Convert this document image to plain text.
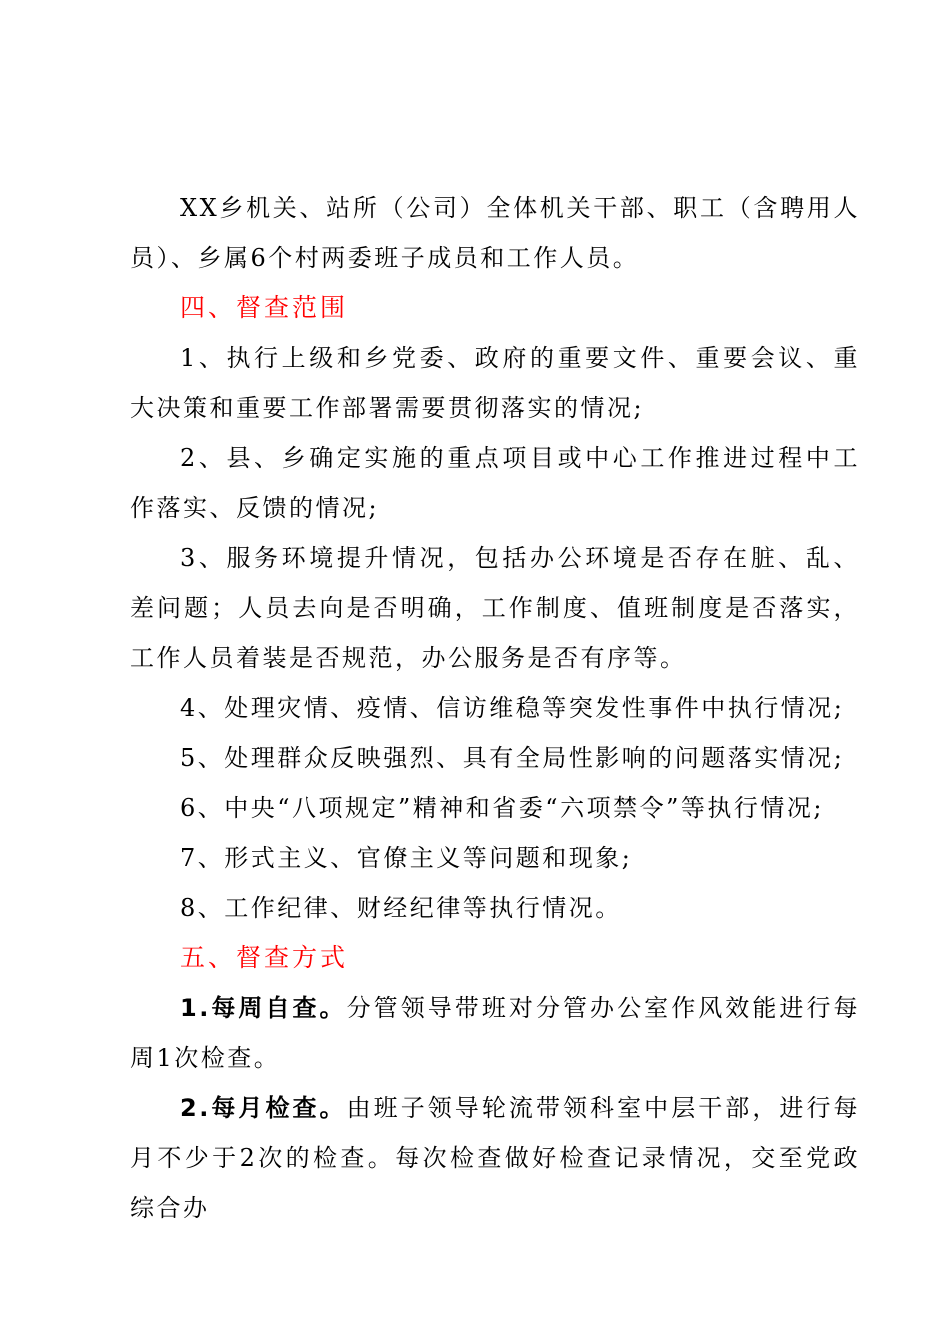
XX乡机关、站所（公司）全体机关干部、职工（含聘用人员）、乡属6个村两委班子成员和工作人员。

四、督查范围

1、执行上级和乡党委、政府的重要文件、重要会议、重大决策和重要工作部署需要贯彻落实的情况;

2、县、乡确定实施的重点项目或中心工作推进过程中工作落实、反馈的情况;

3、服务环境提升情况，包括办公环境是否存在脏、乱、差问题；人员去向是否明确，工作制度、值班制度是否落实，工作人员着装是否规范，办公服务是否有序等。

4、处理灾情、疫情、信访维稳等突发性事件中执行情况;

5、处理群众反映强烈、具有全局性影响的问题落实情况;

6、中央“八项规定”精神和省委“六项禁令”等执行情况;

7、形式主义、官僚主义等问题和现象;

8、工作纪律、财经纪律等执行情况。

五、督查方式

1.每周自查。分管领导带班对分管办公室作风效能进行每周1次检查。

2.每月检查。由班子领导轮流带领科室中层干部，进行每月不少于2次的检查。每次检查做好检查记录情况，交至党政综合办
